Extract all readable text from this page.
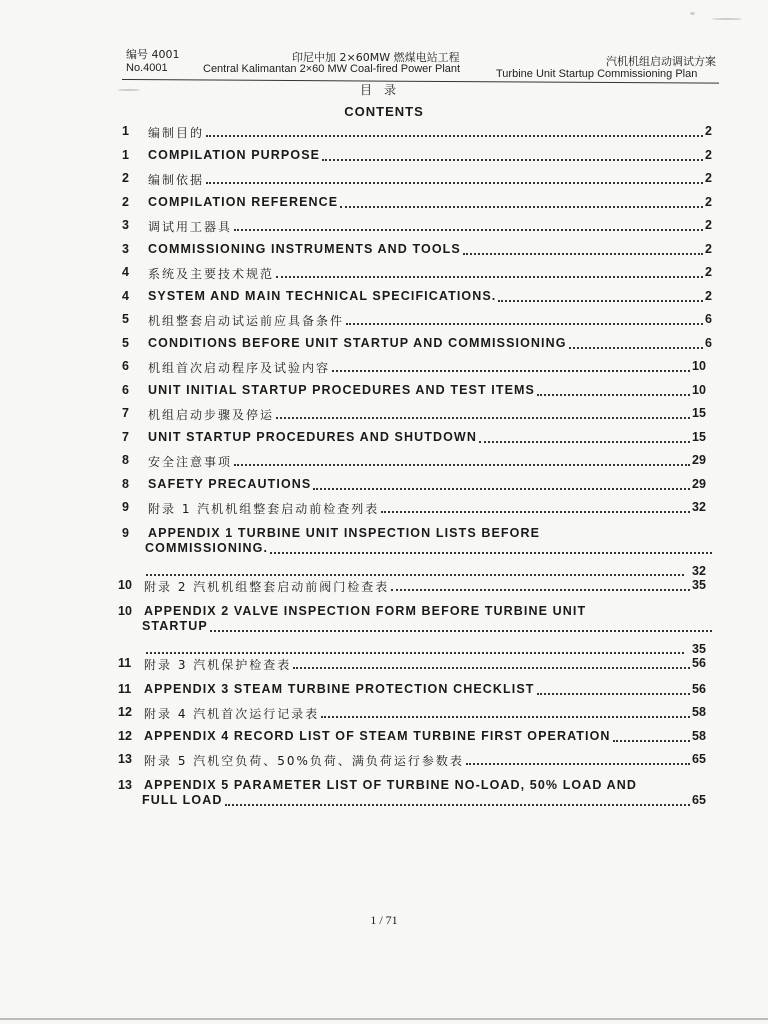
编号 4001
No.4001
印尼中加 2×60MW 燃煤电站工程
Central Kalimantan 2×60 MW Coal-fired Power Plant
汽机机组启动调试方案
Turbine Unit Startup Commissioning Plan
目录
CONTENTS
1 编制目的	2
1 COMPILATION PURPOSE	2
2 编制依据	2
2 COMPILATION REFERENCE	2
3 调试用工器具	2
3 COMMISSIONING INSTRUMENTS AND TOOLS	2
4 系统及主要技术规范	2
4 SYSTEM AND MAIN TECHNICAL SPECIFICATIONS.	2
5 机组整套启动试运前应具备条件	6
5 CONDITIONS BEFORE UNIT STARTUP AND COMMISSIONING	6
6 机组首次启动程序及试验内容	10
6 UNIT INITIAL STARTUP PROCEDURES AND TEST ITEMS	10
7 机组启动步骤及停运	15
7 UNIT STARTUP PROCEDURES AND SHUTDOWN	15
8 安全注意事项	29
8 SAFETY PRECAUTIONS	29
9 附录 1 汽机机组整套启动前检查列表	32
9 APPENDIX 1 TURBINE UNIT INSPECTION LISTS BEFORE
COMMISSIONING.
32
10 附录 2 汽机机组整套启动前阀门检查表	35
10 APPENDIX 2 VALVE INSPECTION FORM BEFORE TURBINE UNIT
STARTUP
35
11 附录 3 汽机保护检查表	56
11 APPENDIX 3 STEAM TURBINE PROTECTION CHECKLIST	56
12 附录 4 汽机首次运行记录表	58
12 APPENDIX 4 RECORD LIST OF STEAM TURBINE FIRST OPERATION	58
13 附录 5 汽机空负荷、50%负荷、满负荷运行参数表	65
13 APPENDIX 5 PARAMETER LIST OF TURBINE NO-LOAD, 50% LOAD AND
FULL LOAD	65
1 / 71
